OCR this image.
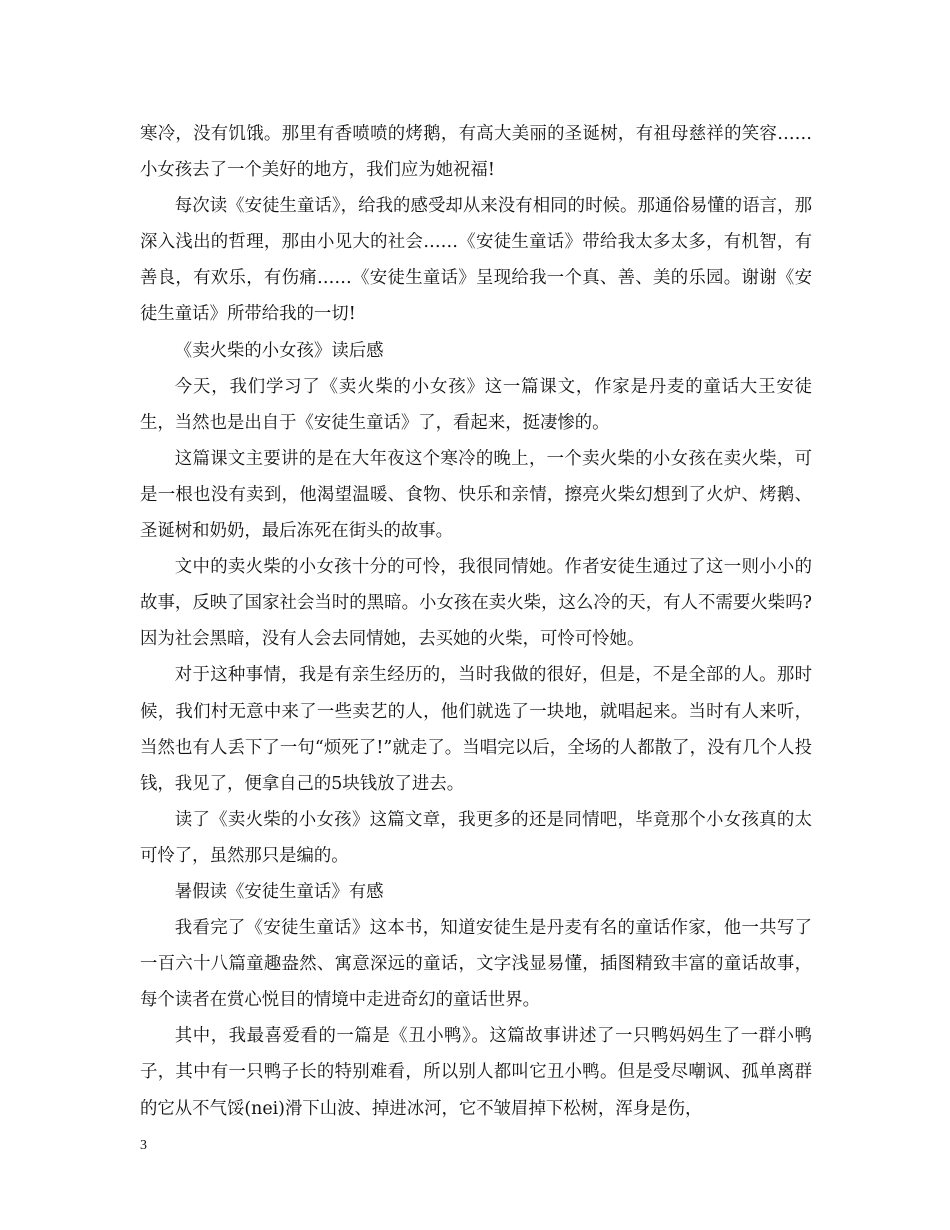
寒冷，没有饥饿。那里有香喷喷的烤鹅，有高大美丽的圣诞树，有祖母慈祥的笑容……小女孩去了一个美好的地方，我们应为她祝福!

每次读《安徒生童话》，给我的感受却从来没有相同的时候。那通俗易懂的语言，那深入浅出的哲理，那由小见大的社会……《安徒生童话》带给我太多太多，有机智，有善良，有欢乐，有伤痛……《安徒生童话》呈现给我一个真、善、美的乐园。谢谢《安徒生童话》所带给我的一切!

《卖火柴的小女孩》读后感

今天，我们学习了《卖火柴的小女孩》这一篇课文，作家是丹麦的童话大王安徒生，当然也是出自于《安徒生童话》了，看起来，挺凄惨的。

这篇课文主要讲的是在大年夜这个寒冷的晚上，一个卖火柴的小女孩在卖火柴，可是一根也没有卖到，他渴望温暖、食物、快乐和亲情，擦亮火柴幻想到了火炉、烤鹅、圣诞树和奶奶，最后冻死在街头的故事。

文中的卖火柴的小女孩十分的可怜，我很同情她。作者安徒生通过了这一则小小的故事，反映了国家社会当时的黑暗。小女孩在卖火柴，这么冷的天，有人不需要火柴吗?因为社会黑暗，没有人会去同情她，去买她的火柴，可怜可怜她。

对于这种事情，我是有亲生经历的，当时我做的很好，但是，不是全部的人。那时候，我们村无意中来了一些卖艺的人，他们就选了一块地，就唱起来。当时有人来听，当然也有人丢下了一句“烦死了!”就走了。当唱完以后，全场的人都散了，没有几个人投钱，我见了，便拿自己的5块钱放了进去。

读了《卖火柴的小女孩》这篇文章，我更多的还是同情吧，毕竟那个小女孩真的太可怜了，虽然那只是编的。

暑假读《安徒生童话》有感

我看完了《安徒生童话》这本书，知道安徒生是丹麦有名的童话作家，他一共写了一百六十八篇童趣盎然、寓意深远的童话，文字浅显易懂，插图精致丰富的童话故事，每个读者在赏心悦目的情境中走进奇幻的童话世界。

其中，我最喜爱看的一篇是《丑小鸭》。这篇故事讲述了一只鸭妈妈生了一群小鸭子，其中有一只鸭子长的特别难看，所以别人都叫它丑小鸭。但是受尽嘲讽、孤单离群的它从不气馁(nei)滑下山波、掉进冰河，它不皱眉掉下松树，浑身是伤，

3
